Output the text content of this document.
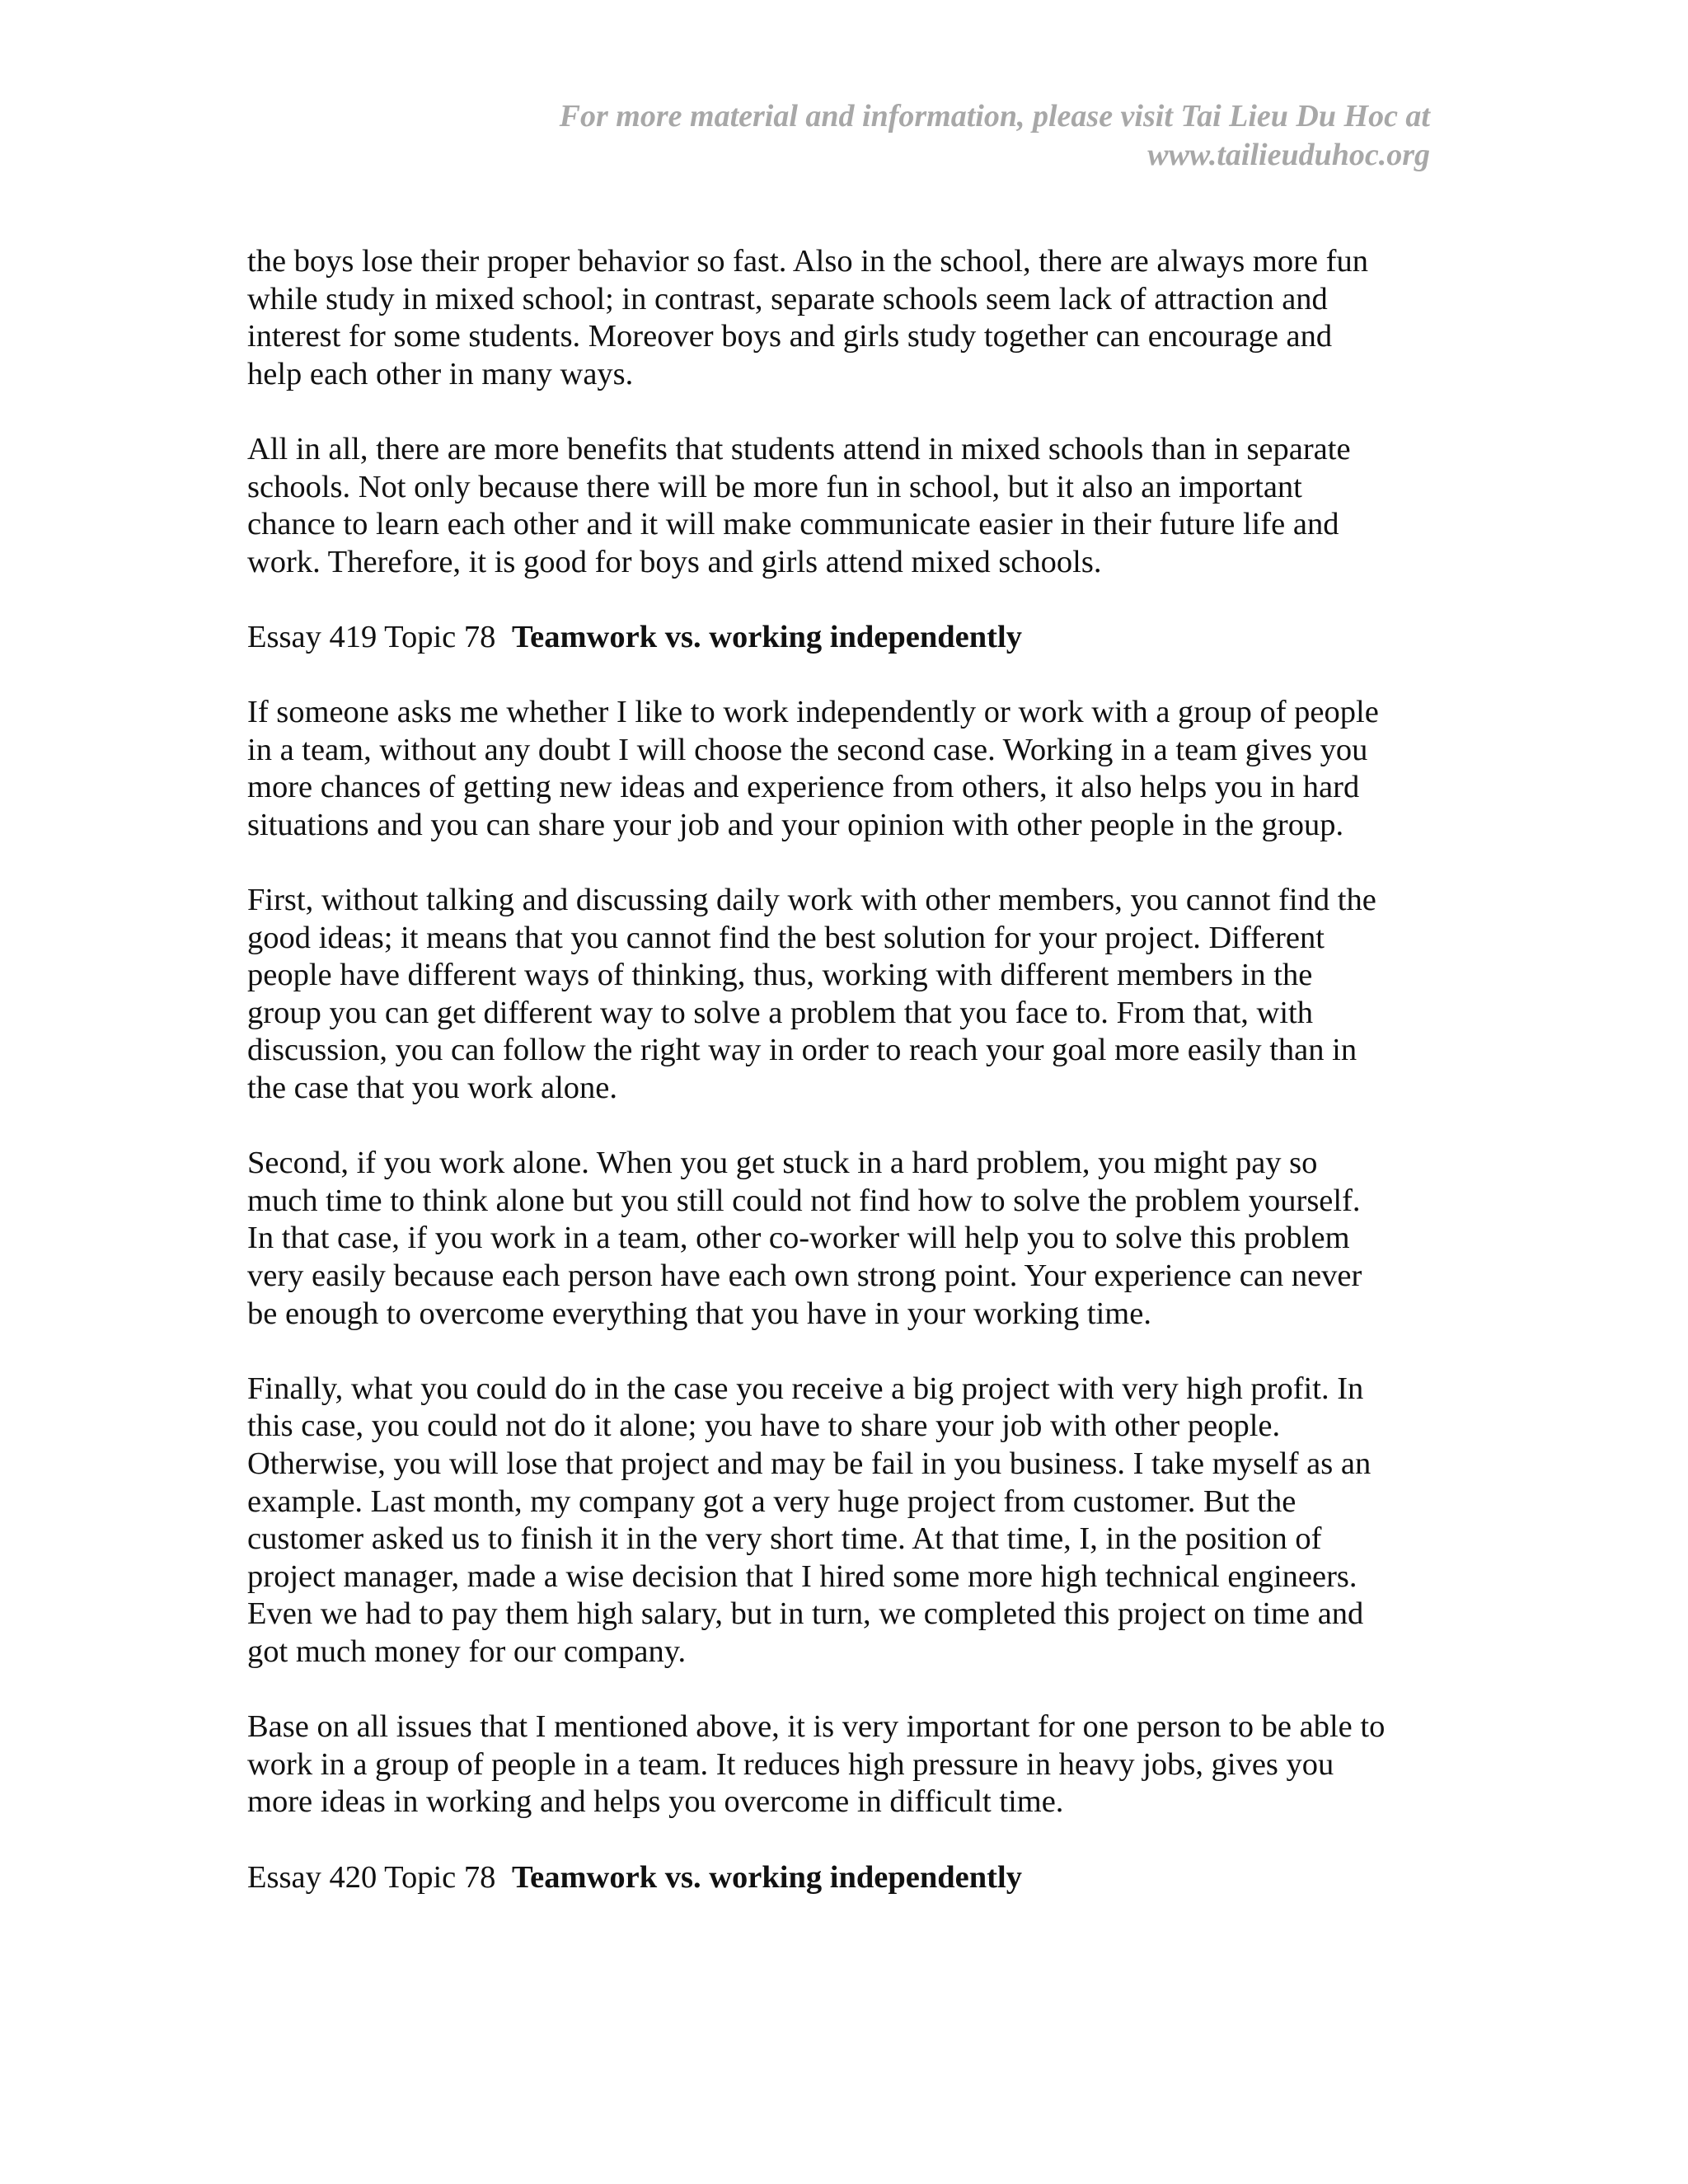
For more material and information, please visit Tai Lieu Du Hoc at
www.tailieuduhoc.org
the boys lose their proper behavior so fast. Also in the school, there are always more fun
while study in mixed school; in contrast, separate schools seem lack of attraction and
interest for some students. Moreover boys and girls study together can encourage and
help each other in many ways.
All in all, there are more benefits that students attend in mixed schools than in separate
schools. Not only because there will be more fun in school, but it also an important
chance to learn each other and it will make communicate easier in their future life and
work. Therefore, it is good for boys and girls attend mixed schools.
Essay 419 Topic 78 Teamwork vs. working independently
If someone asks me whether I like to work independently or work with a group of people
in a team, without any doubt I will choose the second case. Working in a team gives you
more chances of getting new ideas and experience from others, it also helps you in hard
situations and you can share your job and your opinion with other people in the group.
First, without talking and discussing daily work with other members, you cannot find the
good ideas; it means that you cannot find the best solution for your project. Different
people have different ways of thinking, thus, working with different members in the
group you can get different way to solve a problem that you face to. From that, with
discussion, you can follow the right way in order to reach your goal more easily than in
the case that you work alone.
Second, if you work alone. When you get stuck in a hard problem, you might pay so
much time to think alone but you still could not find how to solve the problem yourself.
In that case, if you work in a team, other co-worker will help you to solve this problem
very easily because each person have each own strong point. Your experience can never
be enough to overcome everything that you have in your working time.
Finally, what you could do in the case you receive a big project with very high profit. In
this case, you could not do it alone; you have to share your job with other people.
Otherwise, you will lose that project and may be fail in you business. I take myself as an
example. Last month, my company got a very huge project from customer. But the
customer asked us to finish it in the very short time. At that time, I, in the position of
project manager, made a wise decision that I hired some more high technical engineers.
Even we had to pay them high salary, but in turn, we completed this project on time and
got much money for our company.
Base on all issues that I mentioned above, it is very important for one person to be able to
work in a group of people in a team. It reduces high pressure in heavy jobs, gives you
more ideas in working and helps you overcome in difficult time.
Essay 420 Topic 78 Teamwork vs. working independently
